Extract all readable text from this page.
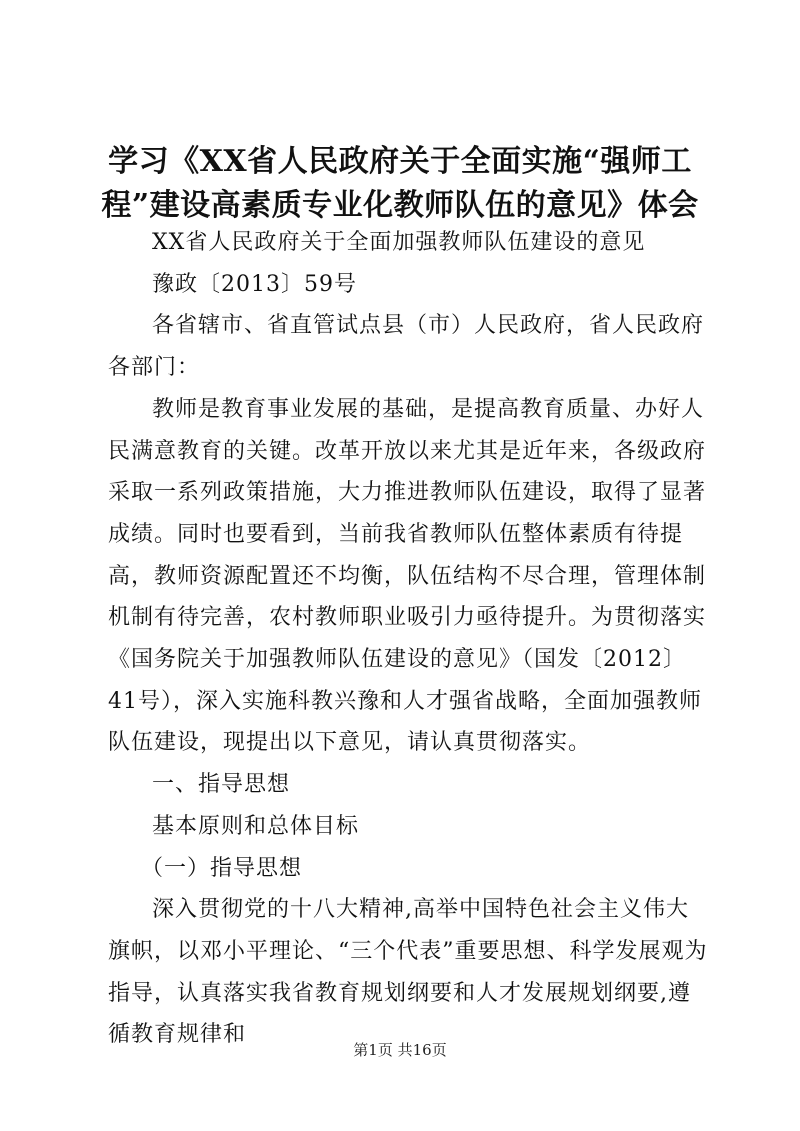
学习《XX省人民政府关于全面实施“强师工程”建设高素质专业化教师队伍的意见》体会

XX省人民政府关于全面加强教师队伍建设的意见

豫政〔2013〕59号

各省辖市、省直管试点县（市）人民政府，省人民政府各部门：

教师是教育事业发展的基础，是提高教育质量、办好人民满意教育的关键。改革开放以来尤其是近年来，各级政府采取一系列政策措施，大力推进教师队伍建设，取得了显著成绩。同时也要看到，当前我省教师队伍整体素质有待提高，教师资源配置还不均衡，队伍结构不尽合理，管理体制机制有待完善，农村教师职业吸引力亟待提升。为贯彻落实《国务院关于加强教师队伍建设的意见》（国发〔2012〕41号），深入实施科教兴豫和人才强省战略，全面加强教师队伍建设，现提出以下意见，请认真贯彻落实。

一、指导思想

基本原则和总体目标

（一）指导思想

深入贯彻党的十八大精神,高举中国特色社会主义伟大旗帜，以邓小平理论、“三个代表”重要思想、科学发展观为指导，认真落实我省教育规划纲要和人才发展规划纲要,遵循教育规律和

第1页 共16页
